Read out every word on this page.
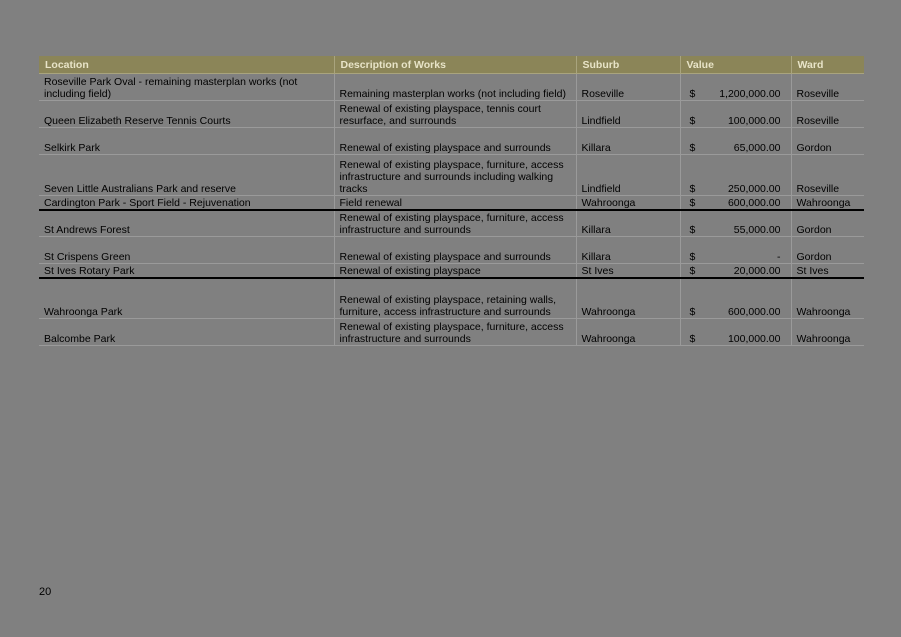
Location	Description of Works	Suburb	Value	Ward
Roseville Park Oval - remaining masterplan works (not including field)	Remaining masterplan works (not including field)	Roseville	$ 1,200,000.00	Roseville
Queen Elizabeth Reserve Tennis Courts	Renewal of existing playspace, tennis court resurface, and surrounds	Lindfield	$ 100,000.00	Roseville
Selkirk Park	Renewal of existing playspace and surrounds	Killara	$ 65,000.00	Gordon
Seven Little Australians Park and reserve	Renewal of existing playspace, furniture, access infrastructure and surrounds including walking tracks	Lindfield	$ 250,000.00	Roseville
Cardington Park - Sport Field - Rejuvenation	Field renewal	Wahroonga	$ 600,000.00	Wahroonga
St Andrews Forest	Renewal of existing playspace, furniture, access infrastructure and surrounds	Killara	$ 55,000.00	Gordon
St Crispens Green	Renewal of existing playspace and surrounds	Killara	$ -	Gordon
St Ives Rotary Park	Renewal of existing playspace	St Ives	$ 20,000.00	St Ives
Wahroonga Park	Renewal of existing playspace, retaining walls, furniture, access infrastructure and surrounds	Wahroonga	$ 600,000.00	Wahroonga
Balcombe Park	Renewal of existing playspace, furniture, access infrastructure and surrounds	Wahroonga	$ 100,000.00	Wahroonga
20
